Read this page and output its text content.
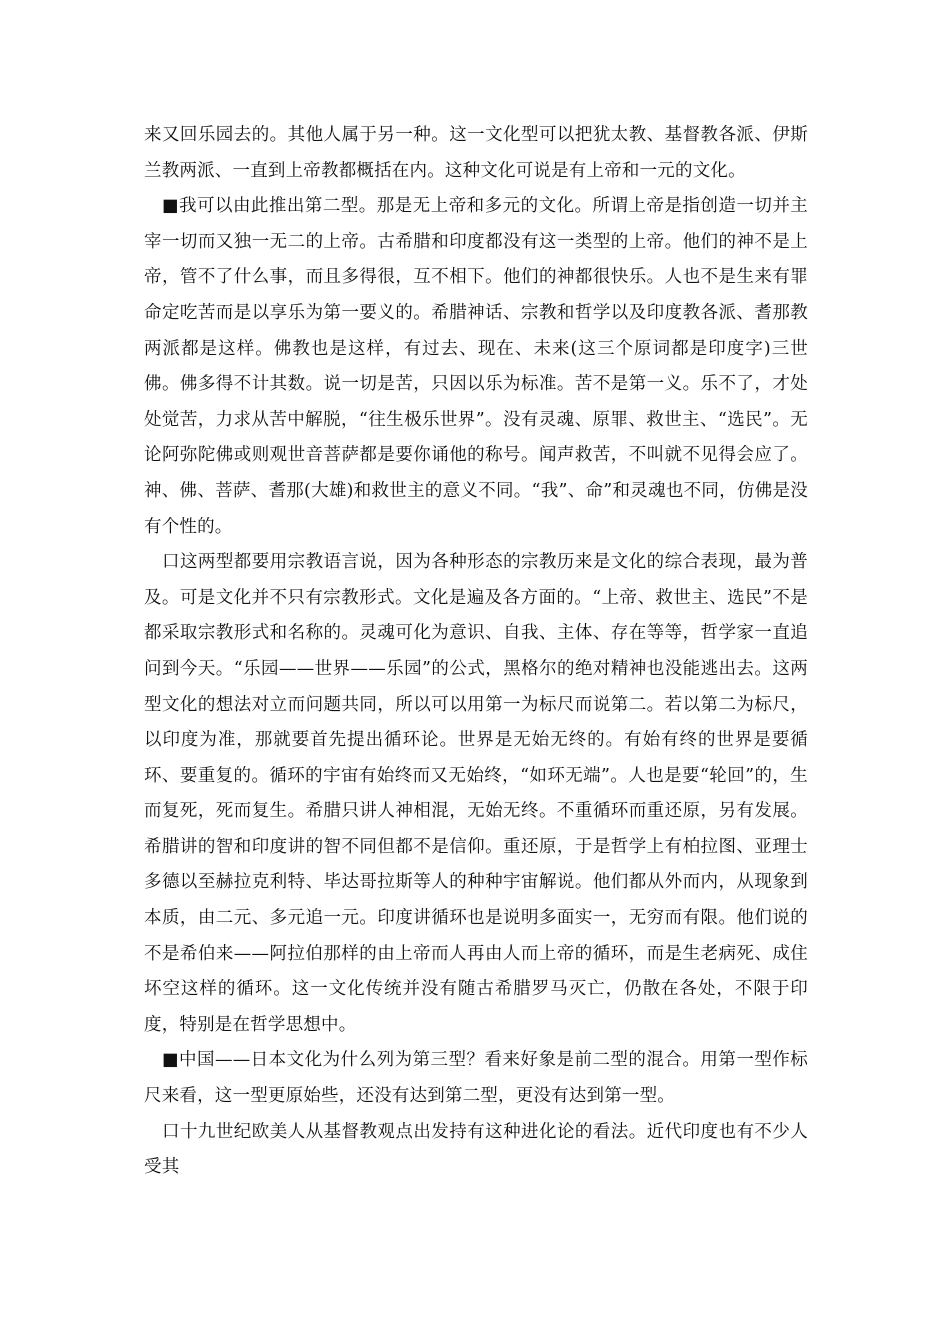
来又回乐园去的。其他人属于另一种。这一文化型可以把犹太教、基督教各派、伊斯兰教两派、一直到上帝教都概括在内。这种文化可说是有上帝和一元的文化。

■我可以由此推出第二型。那是无上帝和多元的文化。所谓上帝是指创造一切并主宰一切而又独一无二的上帝。古希腊和印度都没有这一类型的上帝。他们的神不是上帝，管不了什么事，而且多得很，互不相下。他们的神都很快乐。人也不是生来有罪命定吃苦而是以享乐为第一要义的。希腊神话、宗教和哲学以及印度教各派、耆那教两派都是这样。佛教也是这样，有过去、现在、未来(这三个原词都是印度字)三世佛。佛多得不计其数。说一切是苦，只因以乐为标准。苦不是第一义。乐不了，才处处觉苦，力求从苦中解脱，“往生极乐世界”。没有灵魂、原罪、救世主、“选民”。无论阿弥陀佛或则观世音菩萨都是要你诵他的称号。闻声救苦，不叫就不见得会应了。神、佛、菩萨、耆那(大雄)和救世主的意义不同。“我”、命”和灵魂也不同，仿佛是没有个性的。

口这两型都要用宗教语言说，因为各种形态的宗教历来是文化的综合表现，最为普及。可是文化并不只有宗教形式。文化是遍及各方面的。“上帝、救世主、选民”不是都采取宗教形式和名称的。灵魂可化为意识、自我、主体、存在等等，哲学家一直追问到今天。“乐园——世界——乐园”的公式，黑格尔的绝对精神也没能逃出去。这两型文化的想法对立而问题共同，所以可以用第一为标尺而说第二。若以第二为标尺，以印度为准，那就要首先提出循环论。世界是无始无终的。有始有终的世界是要循环、要重复的。循环的宇宙有始终而又无始终，“如环无端”。人也是要“轮回”的，生而复死，死而复生。希腊只讲人神相混，无始无终。不重循环而重还原，另有发展。希腊讲的智和印度讲的智不同但都不是信仰。重还原，于是哲学上有柏拉图、亚理士多德以至赫拉克利特、毕达哥拉斯等人的种种宇宙解说。他们都从外而内，从现象到本质，由二元、多元追一元。印度讲循环也是说明多面实一，无穷而有限。他们说的不是希伯来——阿拉伯那样的由上帝而人再由人而上帝的循环，而是生老病死、成住坏空这样的循环。这一文化传统并没有随古希腊罗马灭亡，仍散在各处，不限于印度，特别是在哲学思想中。

■中国——日本文化为什么列为第三型？看来好象是前二型的混合。用第一型作标尺来看，这一型更原始些，还没有达到第二型，更没有达到第一型。

口十九世纪欧美人从基督教观点出发持有这种进化论的看法。近代印度也有不少人受其
